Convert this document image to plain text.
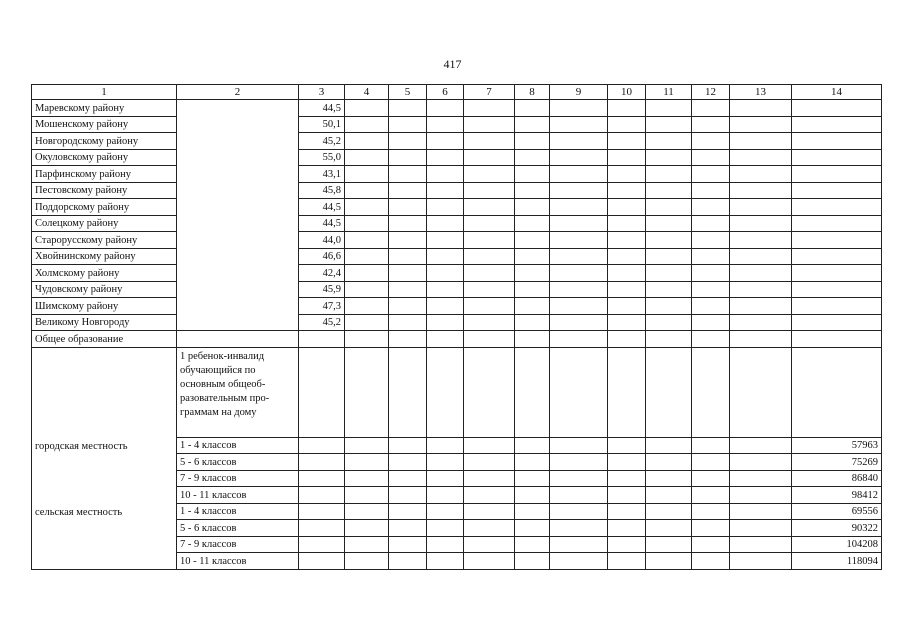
417
1	2	3	4	5	6	7	8	9	10	11	12	13	14
Маревскому району		44,5											
Мошенскому району		50,1											
Новгородскому району		45,2											
Окуловскому району		55,0											
Парфинскому району		43,1											
Пестовскому району		45,8											
Поддорскому району		44,5											
Солецкому району		44,5											
Старорусскому району		44,0											
Хвойнинскому району		46,6											
Холмскому району		42,4											
Чудовскому району		45,9											
Шимскому району		47,3											
Великому Новгороду		45,2											
Общее образование													
	1 ребенок-инвалид обучающийся по основным общеоб-разовательным про-граммам на дому												
городская местность	1 - 4 классов												57963
	5 - 6 классов												75269
	7 - 9 классов												86840
	10 - 11 классов												98412
сельская местность	1 - 4 классов												69556
	5 - 6 классов												90322
	7 - 9 классов												104208
	10 - 11 классов												118094
